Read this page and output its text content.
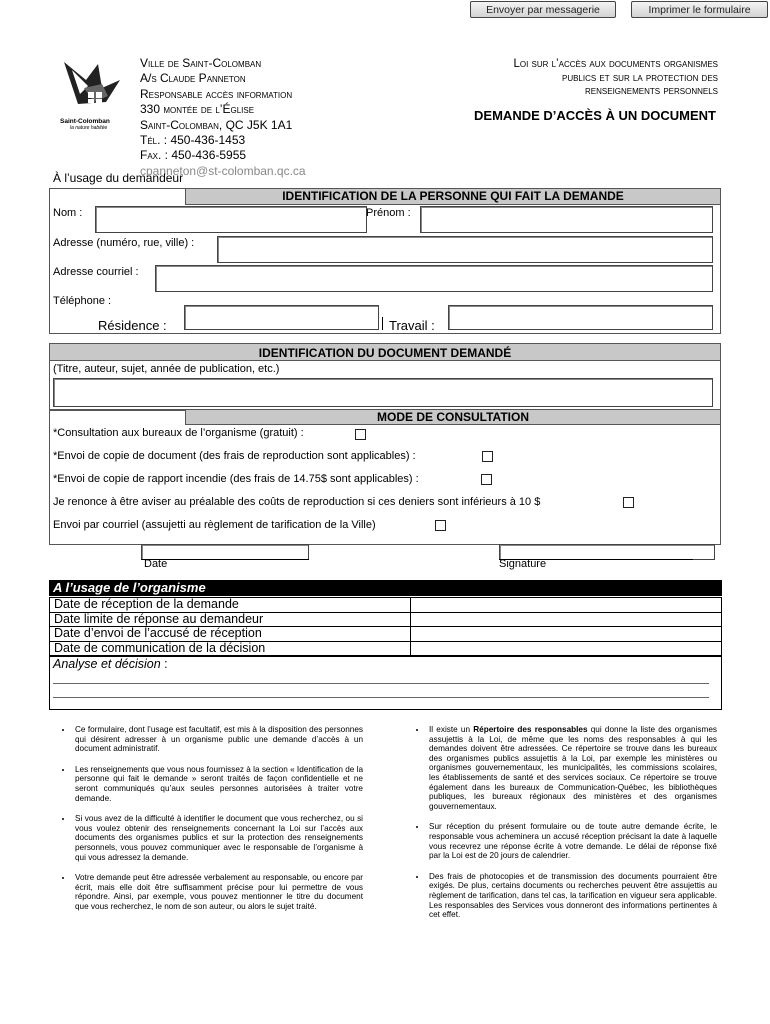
Envoyer par messagerie	Imprimer le formulaire
Saint-Colomban
la nature habitée
Ville de Saint-Colomban
A/s Claude Panneton
Responsable accès information
330 montée de l’Église
Saint-Colomban, QC J5K 1A1
Tél. : 450-436-1453
Fax. : 450-436-5955
cpanneton@st-colomban.qc.ca
Loi sur l’accès aux documents organismes
publics et sur la protection des
renseignements personnels
DEMANDE D’ACCÈS À UN DOCUMENT
À l’usage du demandeur
IDENTIFICATION DE LA PERSONNE QUI FAIT LA DEMANDE
Nom :	Prénom :
Adresse (numéro, rue, ville) :
Adresse courriel :
Téléphone :
Résidence :	Travail :
IDENTIFICATION DU DOCUMENT DEMANDÉ
(Titre, auteur, sujet, année de publication, etc.)
MODE DE CONSULTATION
*Consultation aux bureaux de l’organisme (gratuit) :
*Envoi de copie de document (des frais de reproduction sont applicables) :
*Envoi de copie de rapport incendie (des frais de 14.75$ sont applicables) :
Je renonce à être aviser au préalable des coûts de reproduction si ces deniers sont inférieurs à 10 $
Envoi par courriel (assujetti au règlement de tarification de la Ville)
Date	Signature
A l’usage de l’organisme
Date de réception de la demande	
Date limite de réponse au demandeur	
Date d’envoi de l’accusé de réception	
Date de communication de la décision	
Analyse et décision :
• Ce formulaire, dont l’usage est facultatif, est mis à la disposition des personnes qui désirent adresser à un organisme public une demande d’accès à un document administratif.
• Les renseignements que vous nous fournissez à la section « Identification de la personne qui fait le demande » seront traités de façon confidentielle et ne seront communiqués qu’aux seules personnes autorisées à traiter votre demande.
• Si vous avez de la difficulté à identifier le document que vous recherchez, ou si vous voulez obtenir des renseignements concernant la Loi sur l’accès aux documents des organismes publics et sur la protection des renseignements personnels, vous pouvez communiquer avec le responsable de l’organisme à qui vous adressez la demande.
• Votre demande peut être adressée verbalement au responsable, ou encore par écrit, mais elle doit être suffisamment précise pour lui permettre de vous répondre. Ainsi, par exemple, vous pouvez mentionner le titre du document que vous recherchez, le nom de son auteur, ou alors le sujet traité.
• Il existe un Répertoire des responsables qui donne la liste des organismes assujettis à la Loi, de même que les noms des responsables à qui les demandes doivent être adressées. Ce répertoire se trouve dans les bureaux des organismes publics assujettis à la Loi, par exemple les ministères ou organismes gouvernementaux, les municipalités, les commissions scolaires, les établissements de santé et des services sociaux. Ce répertoire se trouve également dans les bureaux de Communication-Québec, les bibliothèques publiques, les bureaux régionaux des ministères et des organismes gouvernementaux.
• Sur réception du présent formulaire ou de toute autre demande écrite, le responsable vous acheminera un accusé réception précisant la date à laquelle vous recevrez une réponse écrite à votre demande. Le délai de réponse fixé par la Loi est de 20 jours de calendrier.
• Des frais de photocopies et de transmission des documents pourraient être exigés. De plus, certains documents ou recherches peuvent être assujettis au règlement de tarification, dans tel cas, la tarification en vigueur sera applicable. Les responsables des Services vous donneront des informations pertinentes à cet effet.
